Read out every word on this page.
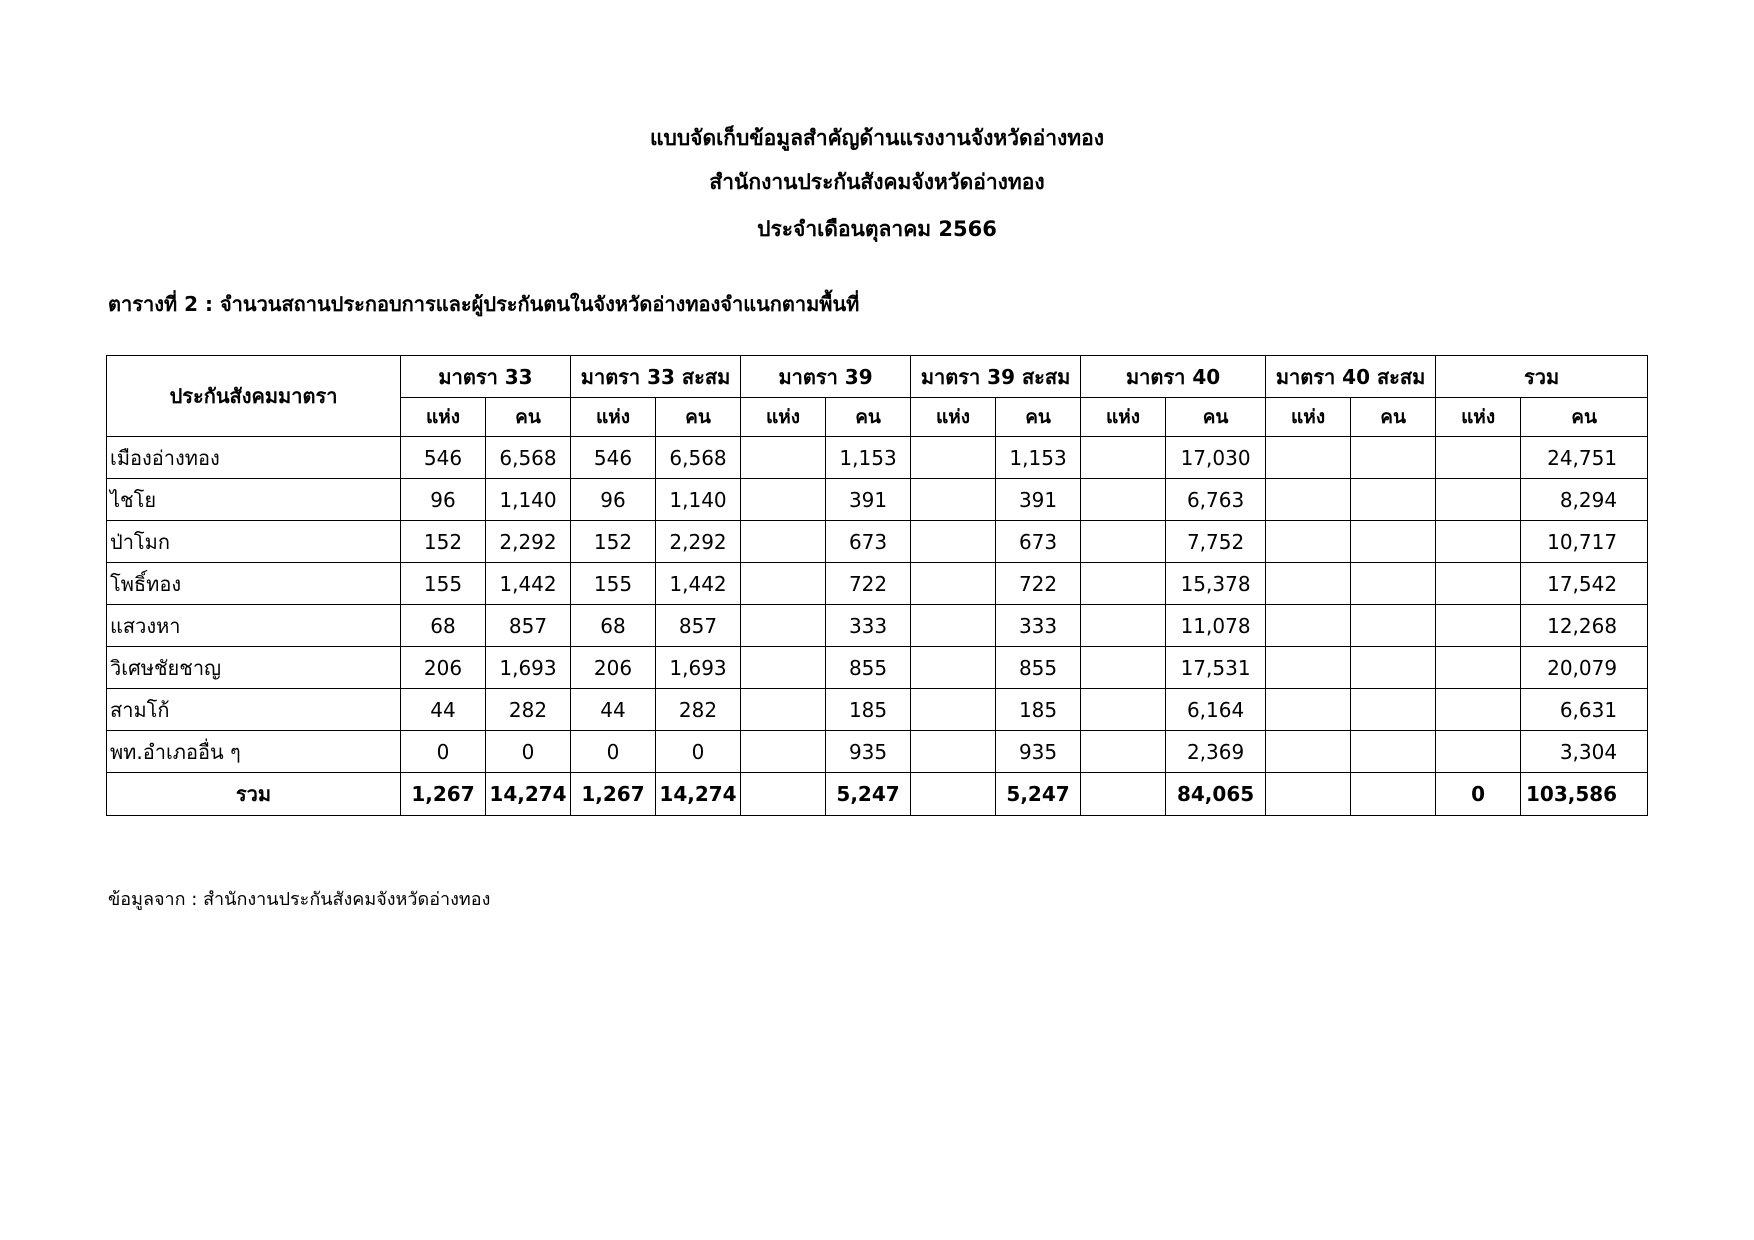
แบบจัดเก็บข้อมูลสำคัญด้านแรงงานจังหวัดอ่างทอง
สำนักงานประกันสังคมจังหวัดอ่างทอง
ประจำเดือนตุลาคม 2566
ตารางที่ 2 : จำนวนสถานประกอบการและผู้ประกันตนในจังหวัดอ่างทองจำแนกตามพื้นที่
ประกันสังคมมาตรา	มาตรา 33		มาตรา 33 สะสม		มาตรา 39		มาตรา 39 สะสม		มาตรา 40		มาตรา 40 สะสม		รวม	
	แห่ง	คน	แห่ง	คน	แห่ง	คน	แห่ง	คน	แห่ง	คน	แห่ง	คน	แห่ง	คน
เมืองอ่างทอง	546	6,568	546	6,568		1,153		1,153		17,030				24,751
ไชโย	96	1,140	96	1,140		391		391		6,763				8,294
ป่าโมก	152	2,292	152	2,292		673		673		7,752				10,717
โพธิ์ทอง	155	1,442	155	1,442		722		722		15,378				17,542
แสวงหา	68	857	68	857		333		333		11,078				12,268
วิเศษชัยชาญ	206	1,693	206	1,693		855		855		17,531				20,079
สามโก้	44	282	44	282		185		185		6,164				6,631
พท.อำเภออื่น ๆ	0	0	0	0		935		935		2,369				3,304
รวม	1,267	14,274	1,267	14,274		5,247		5,247		84,065			0	103,586
ข้อมูลจาก : สำนักงานประกันสังคมจังหวัดอ่างทอง
